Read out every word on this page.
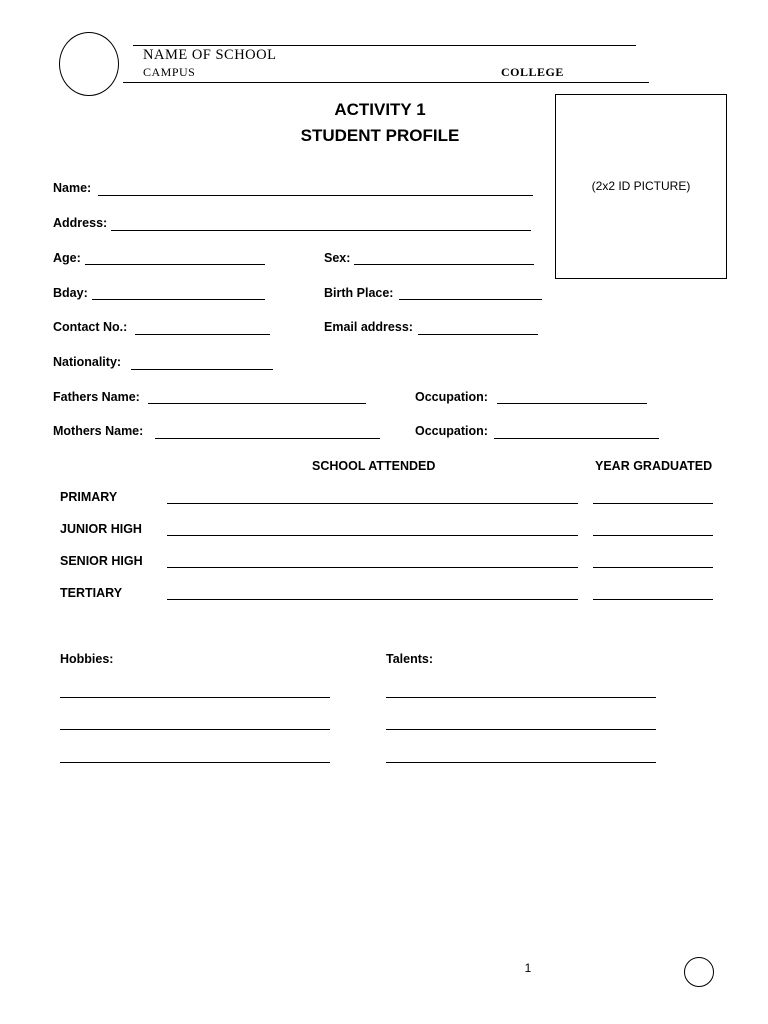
NAME OF SCHOOL
CAMPUS	COLLEGE
ACTIVITY 1
STUDENT PROFILE
(2x2 ID PICTURE)
Name:
Address:
Age:	Sex:
Bday:	Birth Place:
Contact No.:	Email address:
Nationality:
Fathers Name:	Occupation:
Mothers Name:	Occupation:
SCHOOL ATTENDED	YEAR GRADUATED
PRIMARY
JUNIOR HIGH
SENIOR HIGH
TERTIARY
Hobbies:	Talents:
1
